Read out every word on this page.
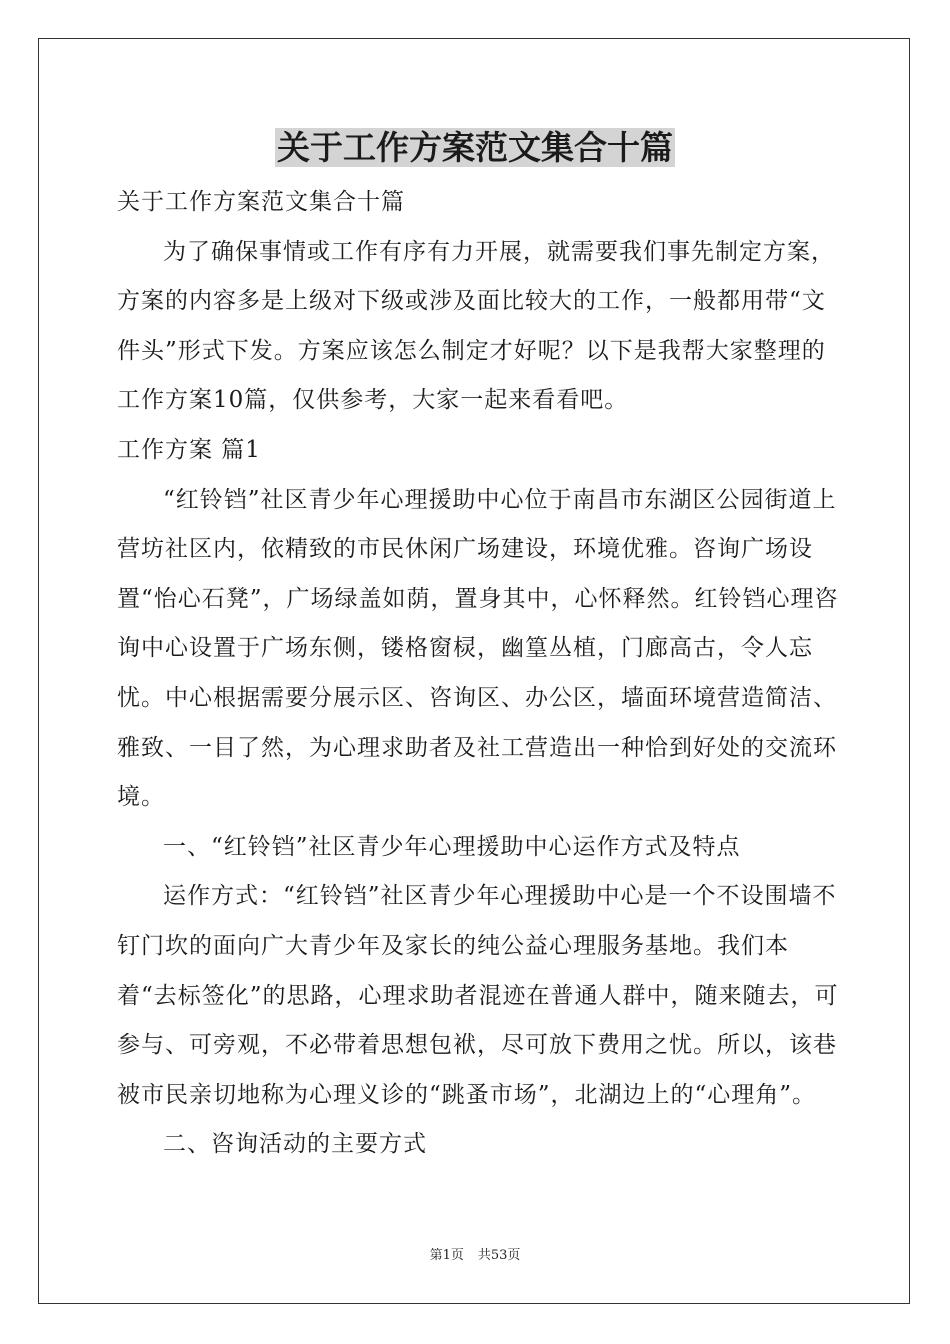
关于工作方案范文集合十篇

关于工作方案范文集合十篇

为了确保事情或工作有序有力开展，就需要我们事先制定方案，方案的内容多是上级对下级或涉及面比较大的工作，一般都用带“文件头”形式下发。方案应该怎么制定才好呢？以下是我帮大家整理的工作方案10篇，仅供参考，大家一起来看看吧。

工作方案 篇1

“红铃铛”社区青少年心理援助中心位于南昌市东湖区公园街道上营坊社区内，依精致的市民休闲广场建设，环境优雅。咨询广场设置“怡心石凳”，广场绿盖如荫，置身其中，心怀释然。红铃铛心理咨询中心设置于广场东侧，镂格窗棂，幽篁丛植，门廊高古，令人忘忧。中心根据需要分展示区、咨询区、办公区，墙面环境营造简洁、雅致、一目了然，为心理求助者及社工营造出一种恰到好处的交流环境。

一、“红铃铛”社区青少年心理援助中心运作方式及特点

运作方式：“红铃铛”社区青少年心理援助中心是一个不设围墙不钉门坎的面向广大青少年及家长的纯公益心理服务基地。我们本着“去标签化”的思路，心理求助者混迹在普通人群中，随来随去，可参与、可旁观，不必带着思想包袱，尽可放下费用之忧。所以，该巷被市民亲切地称为心理义诊的“跳蚤市场”，北湖边上的“心理角”。

二、咨询活动的主要方式

第1页 共53页
